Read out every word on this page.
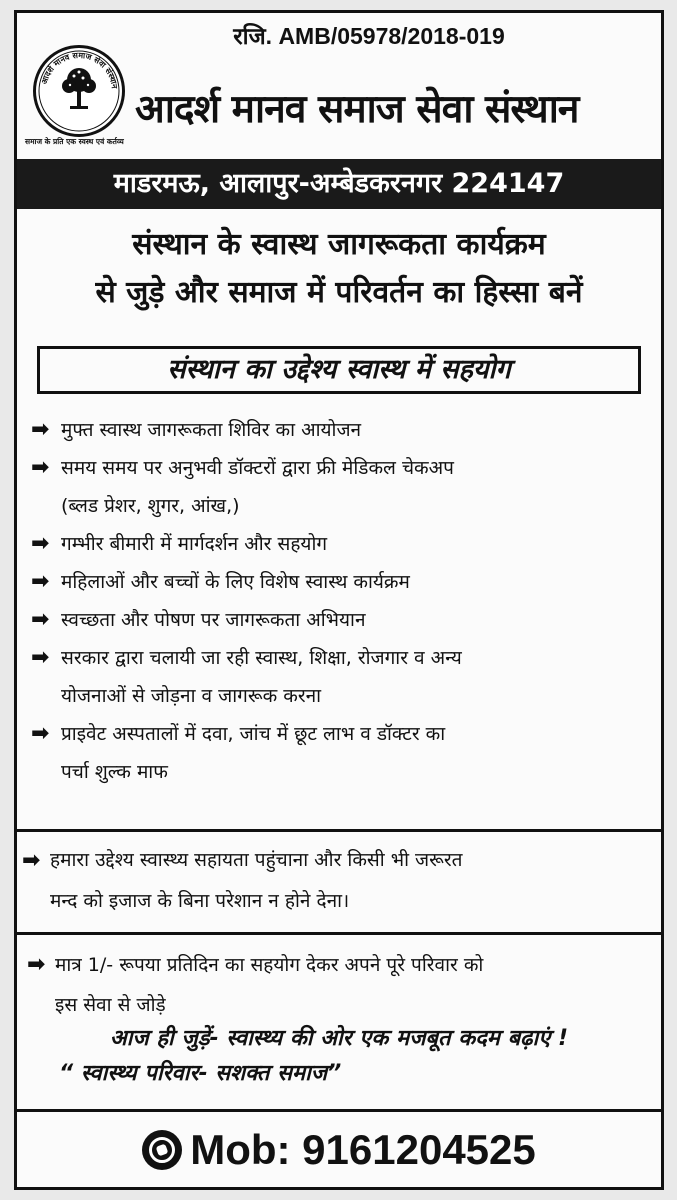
रजि. AMB/05978/2018-019
आदर्श मानव समाज सेवा संस्थान
समाज के प्रति एक स्वस्थ एवं कर्तव्य
आदर्श मानव समाज सेवा संस्थान
माडरमऊ, आलापुर-अम्बेडकरनगर 224147
संस्थान के स्वास्थ जागरूकता कार्यक्रम
से जुड़े और समाज में परिवर्तन का हिस्सा बनें
संस्थान का उद्देश्य स्वास्थ में सहयोग
➡ मुफ्त स्वास्थ जागरूकता शिविर का आयोजन
➡ समय समय पर अनुभवी डॉक्टरों द्वारा फ्री मेडिकल चेकअप
(ब्लड प्रेशर, शुगर, आंख,)
➡ गम्भीर बीमारी में मार्गदर्शन और सहयोग
➡ महिलाओं और बच्चों के लिए विशेष स्वास्थ कार्यक्रम
➡ स्वच्छता और पोषण पर जागरूकता अभियान
➡ सरकार द्वारा चलायी जा रही स्वास्थ, शिक्षा, रोजगार व अन्य
योजनाओं से जोड़ना व जागरूक करना
➡ प्राइवेट अस्पतालों में दवा, जांच में छूट लाभ व डॉक्टर का
पर्चा शुल्क माफ
➡ हमारा उद्देश्य स्वास्थ्य सहायता पहुंचाना और किसी भी जरूरत
मन्द को इजाज के बिना परेशान न होने देना।
➡ मात्र 1/- रूपया प्रतिदिन का सहयोग देकर अपने पूरे परिवार को
इस सेवा से जोड़े
आज ही जुड़ें- स्वास्थ्य की ओर एक मजबूत कदम बढ़ाएं !
“ स्वास्थ्य परिवार- सशक्त समाज”
Mob: 9161204525
